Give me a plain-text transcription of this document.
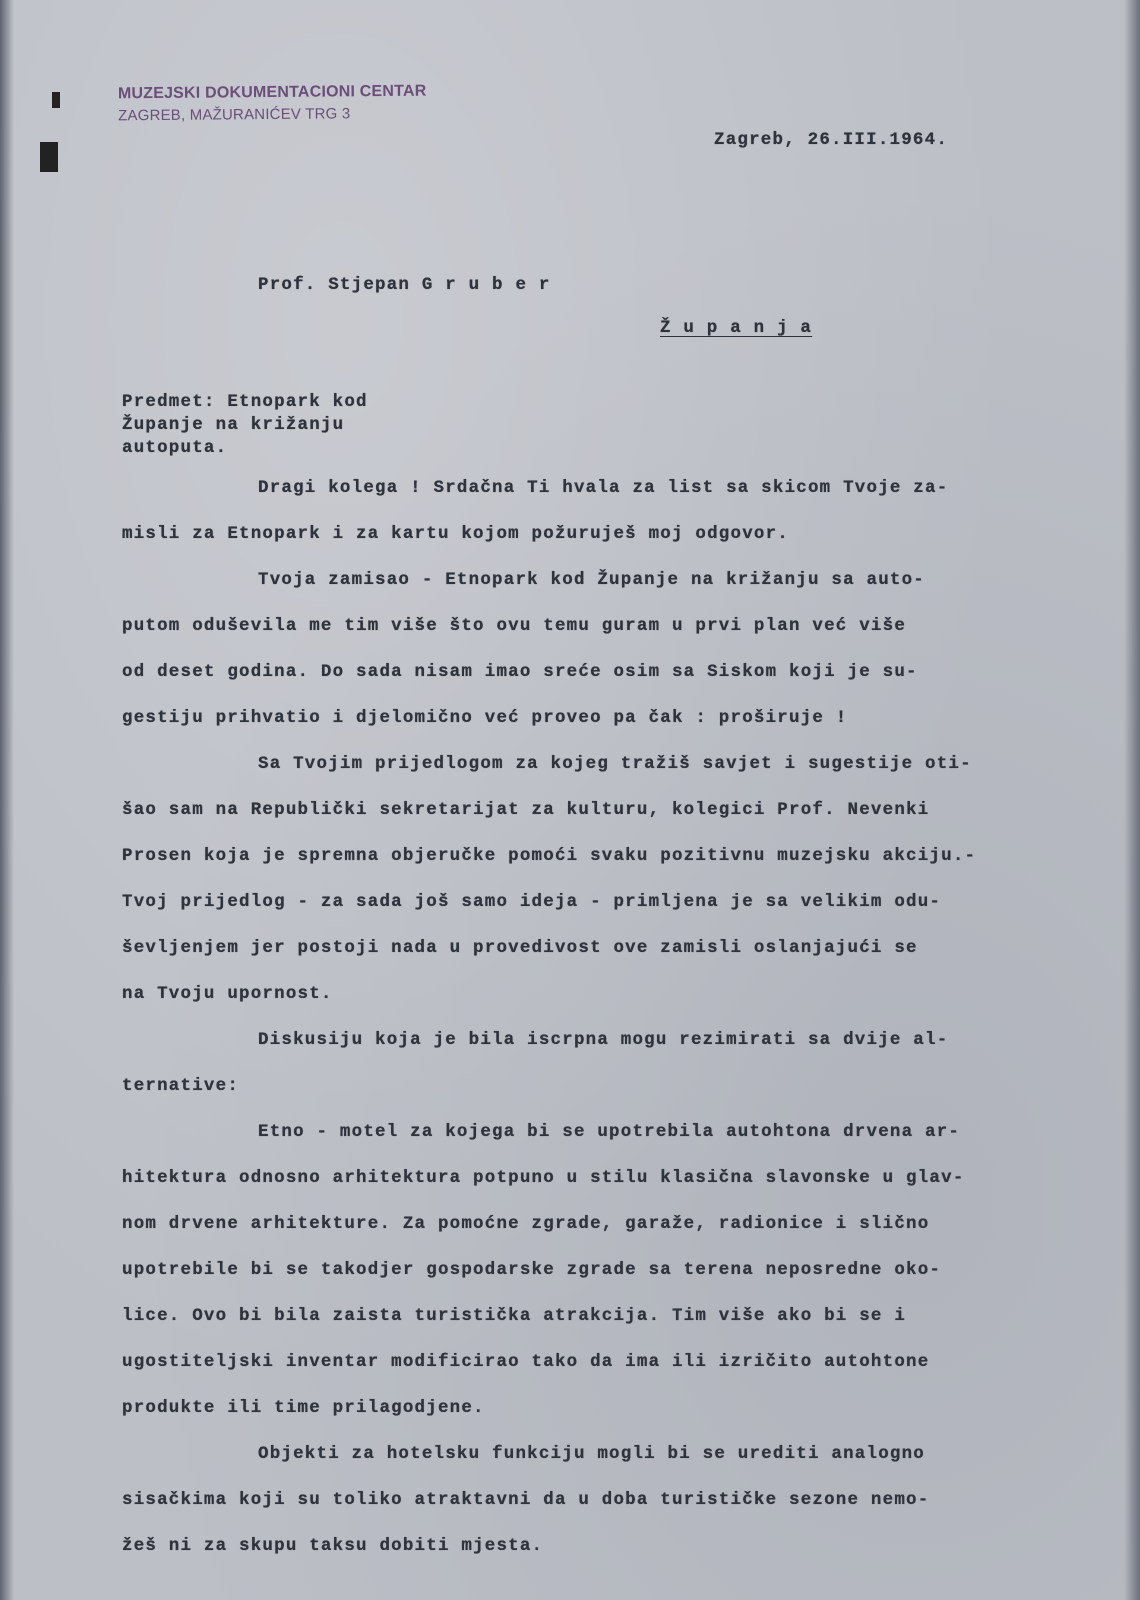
MUZEJSKI DOKUMENTACIONI CENTAR
ZAGREB, MAŽURANIĆEV TRG 3
Zagreb, 26.III.1964.
Prof. Stjepan G r u b e r
Ž u p a n j a
Predmet: Etnopark kod
Županje na križanju
autoputa.
Dragi kolega ! Srdačna Ti hvala za list sa skicom Tvoje za-
misli za Etnopark i za kartu kojom požuruješ moj odgovor.
Tvoja zamisao - Etnopark kod Županje na križanju sa auto-
putom oduševila me tim više što ovu temu guram u prvi plan već više
od deset godina. Do sada nisam imao sreće osim sa Siskom koji je su-
gestiju prihvatio i djelomično već proveo pa čak : proširuje !
Sa Tvojim prijedlogom za kojeg tražiš savjet i sugestije oti-
šao sam na Republički sekretarijat za kulturu, kolegici Prof. Nevenki
Prosen koja je spremna objeručke pomoći svaku pozitivnu muzejsku akciju.-
Tvoj prijedlog - za sada još samo ideja - primljena je sa velikim odu-
ševljenjem jer postoji nada u provedivost ove zamisli oslanjajući se
na Tvoju upornost.
Diskusiju koja je bila iscrpna mogu rezimirati sa dvije al-
ternative:
Etno - motel za kojega bi se upotrebila autohtona drvena ar-
hitektura odnosno arhitektura potpuno u stilu klasična slavonske u glav-
nom drvene arhitekture. Za pomoćne zgrade, garaže, radionice i slično
upotrebile bi se takodjer gospodarske zgrade sa terena neposredne oko-
lice. Ovo bi bila zaista turistička atrakcija. Tim više ako bi se i
ugostiteljski inventar modificirao tako da ima ili izričito autohtone
produkte ili time prilagodjene.
Objekti za hotelsku funkciju mogli bi se urediti analogno
sisačkima koji su toliko atraktavni da u doba turističke sezone nemo-
žeš ni za skupu taksu dobiti mjesta.
